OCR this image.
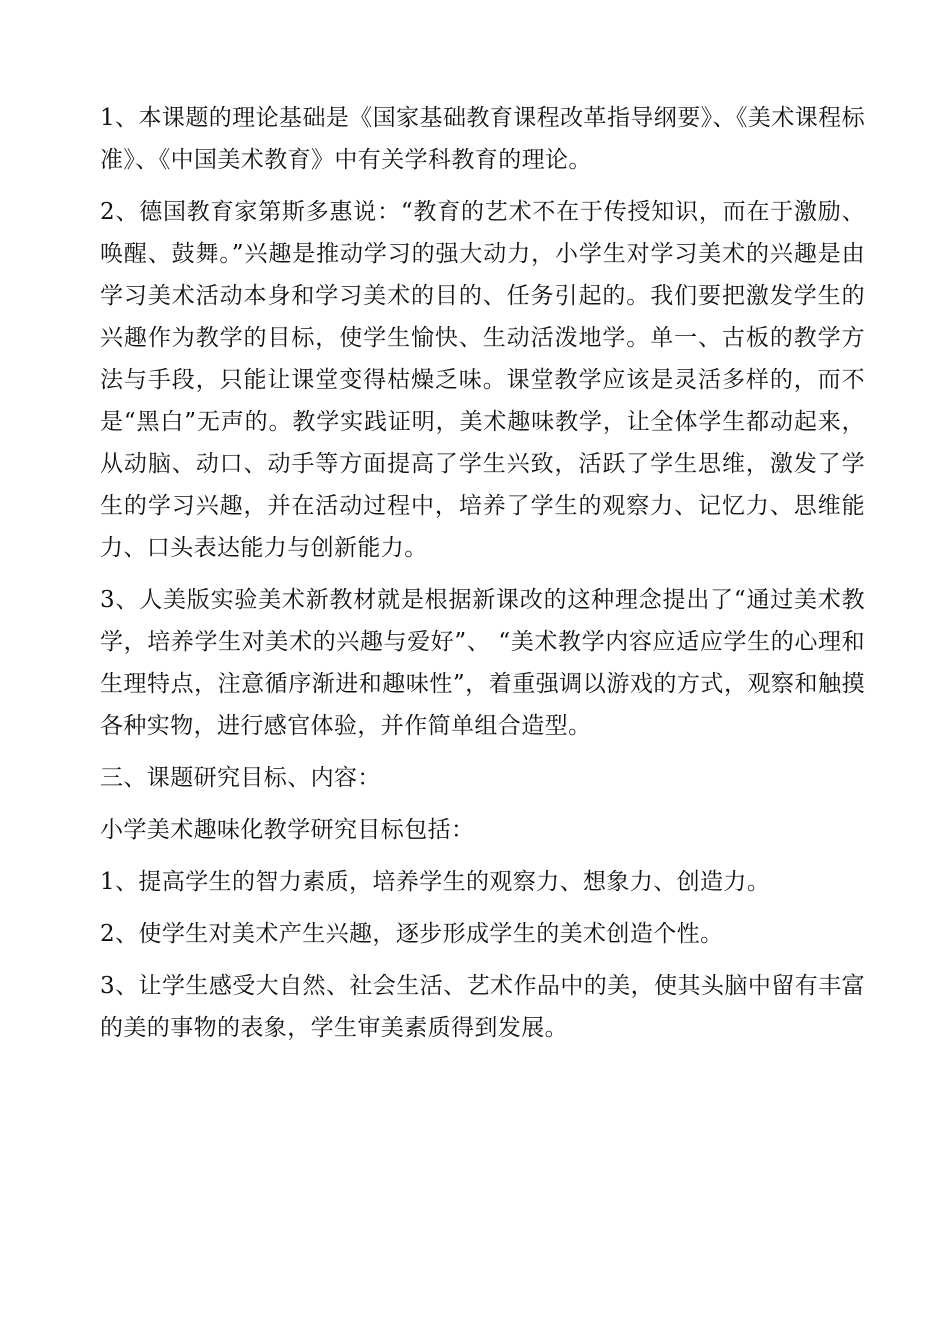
1、本课题的理论基础是《国家基础教育课程改革指导纲要》、《美术课程标准》、《中国美术教育》中有关学科教育的理论。

2、德国教育家第斯多惠说：“教育的艺术不在于传授知识，而在于激励、唤醒、鼓舞。”兴趣是推动学习的强大动力，小学生对学习美术的兴趣是由学习美术活动本身和学习美术的目的、任务引起的。我们要把激发学生的兴趣作为教学的目标，使学生愉快、生动活泼地学。单一、古板的教学方法与手段，只能让课堂变得枯燥乏味。课堂教学应该是灵活多样的，而不是“黑白”无声的。教学实践证明，美术趣味教学，让全体学生都动起来，从动脑、动口、动手等方面提高了学生兴致，活跃了学生思维，激发了学生的学习兴趣，并在活动过程中，培养了学生的观察力、记忆力、思维能力、口头表达能力与创新能力。

3、人美版实验美术新教材就是根据新课改的这种理念提出了“通过美术教学，培养学生对美术的兴趣与爱好”、 “美术教学内容应适应学生的心理和生理特点，注意循序渐进和趣味性”，着重强调以游戏的方式，观察和触摸各种实物，进行感官体验，并作简单组合造型。

三、课题研究目标、内容：

小学美术趣味化教学研究目标包括：

1、提高学生的智力素质，培养学生的观察力、想象力、创造力。

2、使学生对美术产生兴趣，逐步形成学生的美术创造个性。

3、让学生感受大自然、社会生活、艺术作品中的美，使其头脑中留有丰富的美的事物的表象，学生审美素质得到发展。
